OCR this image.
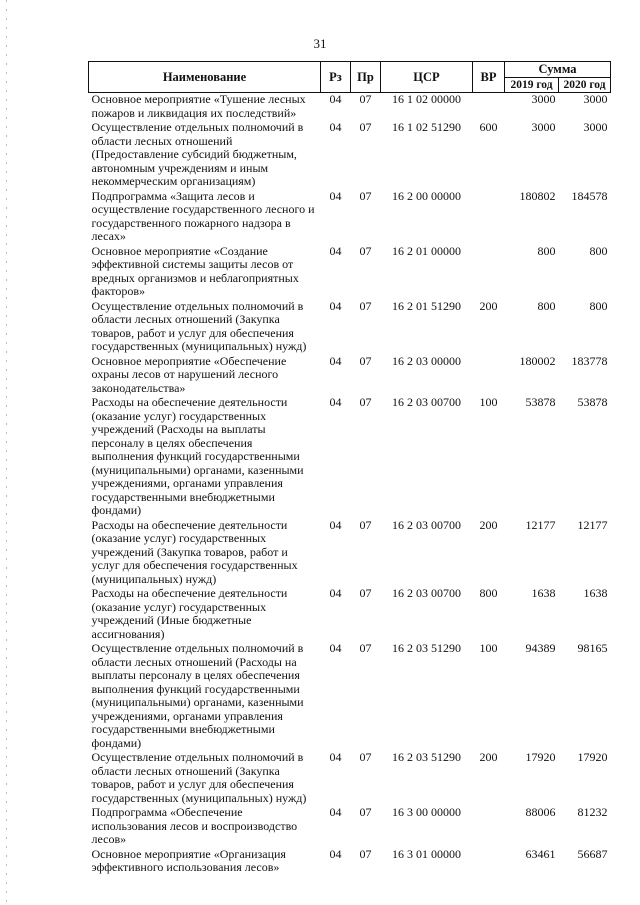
31
Наименование	Рз	Пр	ЦСР	ВР	Сумма	
					2019 год	2020 год
Основное мероприятие «Тушение лесных пожаров и ликвидация их последствий»	04	07	16 1 02 00000		3000	3000
Осуществление отдельных полномочий в области лесных отношений (Предоставление субсидий бюджетным, автономным учреждениям и иным некоммерческим организациям)	04	07	16 1 02 51290	600	3000	3000
Подпрограмма «Защита лесов и осуществление государственного лесного и государственного пожарного надзора в лесах»	04	07	16 2 00 00000		180802	184578
Основное мероприятие «Создание эффективной системы защиты лесов от вредных организмов и неблагоприятных факторов»	04	07	16 2 01 00000		800	800
Осуществление отдельных полномочий в области лесных отношений (Закупка товаров, работ и услуг для обеспечения государственных (муниципальных) нужд)	04	07	16 2 01 51290	200	800	800
Основное мероприятие «Обеспечение охраны лесов от нарушений лесного законодательства»	04	07	16 2 03 00000		180002	183778
Расходы на обеспечение деятельности (оказание услуг) государственных учреждений (Расходы на выплаты персоналу в целях обеспечения выполнения функций государственными (муниципальными) органами, казенными учреждениями, органами управления государственными внебюджетными фондами)	04	07	16 2 03 00700	100	53878	53878
Расходы на обеспечение деятельности (оказание услуг) государственных учреждений (Закупка товаров, работ и услуг для обеспечения государственных (муниципальных) нужд)	04	07	16 2 03 00700	200	12177	12177
Расходы на обеспечение деятельности (оказание услуг) государственных учреждений (Иные бюджетные ассигнования)	04	07	16 2 03 00700	800	1638	1638
Осуществление отдельных полномочий в области лесных отношений (Расходы на выплаты персоналу в целях обеспечения выполнения функций государственными (муниципальными) органами, казенными учреждениями, органами управления государственными внебюджетными фондами)	04	07	16 2 03 51290	100	94389	98165
Осуществление отдельных полномочий в области лесных отношений (Закупка товаров, работ и услуг для обеспечения государственных (муниципальных) нужд)	04	07	16 2 03 51290	200	17920	17920
Подпрограмма «Обеспечение использования лесов и воспроизводство лесов»	04	07	16 3 00 00000		88006	81232
Основное мероприятие «Организация эффективного использования лесов»	04	07	16 3 01 00000		63461	56687
